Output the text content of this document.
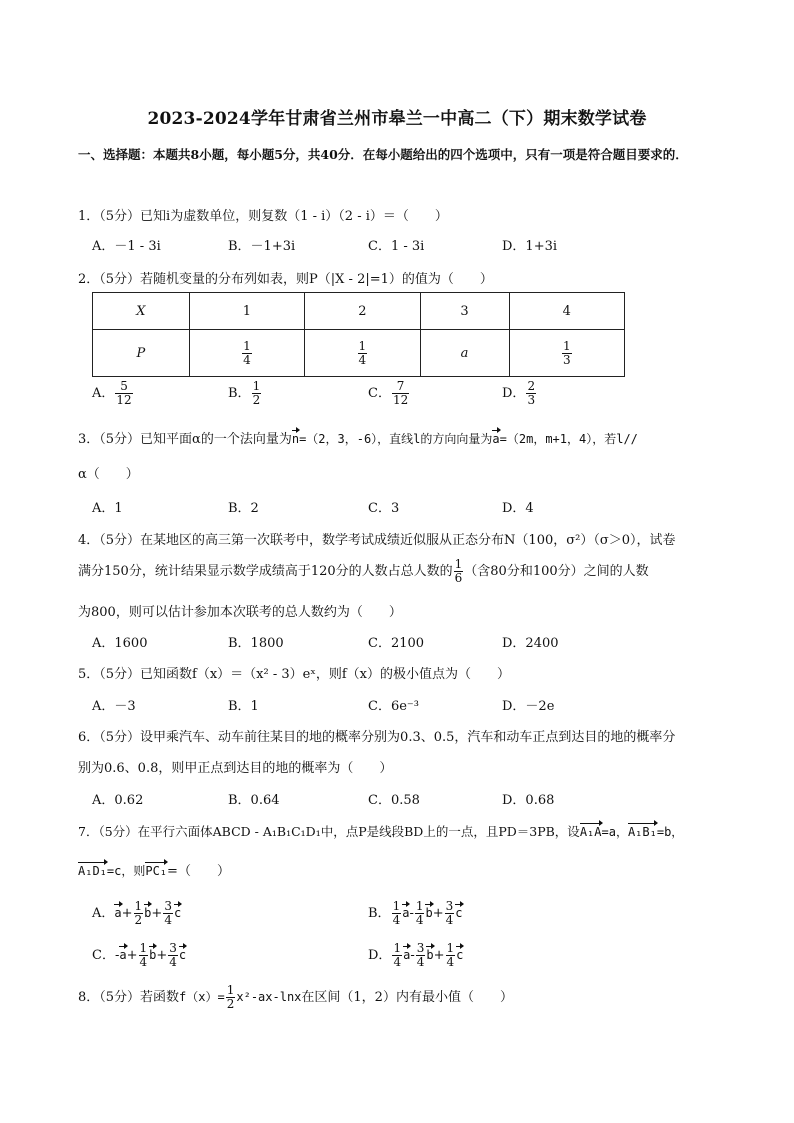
2023-2024学年甘肃省兰州市皋兰一中高二（下）期末数学试卷
一、选择题：本题共8小题，每小题5分，共40分．在每小题给出的四个选项中，只有一项是符合题目要求的．
1．（5分）已知i为虚数单位，则复数（1 - i）（2 - i）＝（　　）
A．－1 - 3i	B．－1+3i	C．1 - 3i	D．1+3i
2．（5分）若随机变量的分布列如表，则P（|X - 2|=1）的值为（　　）
X	1	2	3	4
P	$\frac{1}{4}$	$\frac{1}{4}$	a	$\frac{1}{3}$
A． $\frac{5}{12}$	B． $\frac{1}{2}$	C． $\frac{7}{12}$	D． $\frac{2}{3}$
3．（5分）已知平面α的一个法向量为n=（2，3，-6），直线l的方向向量为a=（2m，m+1，4），若l//
α（　　）
A．1	B．2	C．3	D．4
4．（5分）在某地区的高三第一次联考中，数学考试成绩近似服从正态分布N（100，σ²）（σ＞0），试卷
满分150分，统计结果显示数学成绩高于120分的人数占总人数的 $\frac{1}{6}$ （含80分和100分）之间的人数
为800，则可以估计参加本次联考的总人数约为（　　）
A．1600	B．1800	C．2100	D．2400
5．（5分）已知函数f（x）＝（x² - 3）eˣ，则f（x）的极小值点为（　　）
A．－3	B．1	C．6e⁻³	D．－2e
6．（5分）设甲乘汽车、动车前往某目的地的概率分别为0.3、0.5，汽车和动车正点到达目的地的概率分
别为0.6、0.8，则甲正点到达目的地的概率为（　　）
A．0.62	B．0.64	C．0.58	D．0.68
7．（5分）在平行六面体ABCD - A₁B₁C₁D₁中，点P是线段BD上的一点，且PD＝3PB，设A₁A=a，A₁B₁=b，
A₁D₁=c，则PC₁=（　　）
A．$a+ \frac{1}{2} b+ \frac{3}{4}$ c	B． $\frac{1}{4} a- \frac{1}{4} b+ \frac{3}{4}$ c
C．$-a+ \frac{1}{4} b+ \frac{3}{4}$ c	D． $\frac{1}{4} a- \frac{3}{4} b+ \frac{1}{4}$ c
8．（5分）若函数$f(x)= \frac{1}{2} x^2-ax-\ln x$在区间（1，2）内有最小值（　　）
